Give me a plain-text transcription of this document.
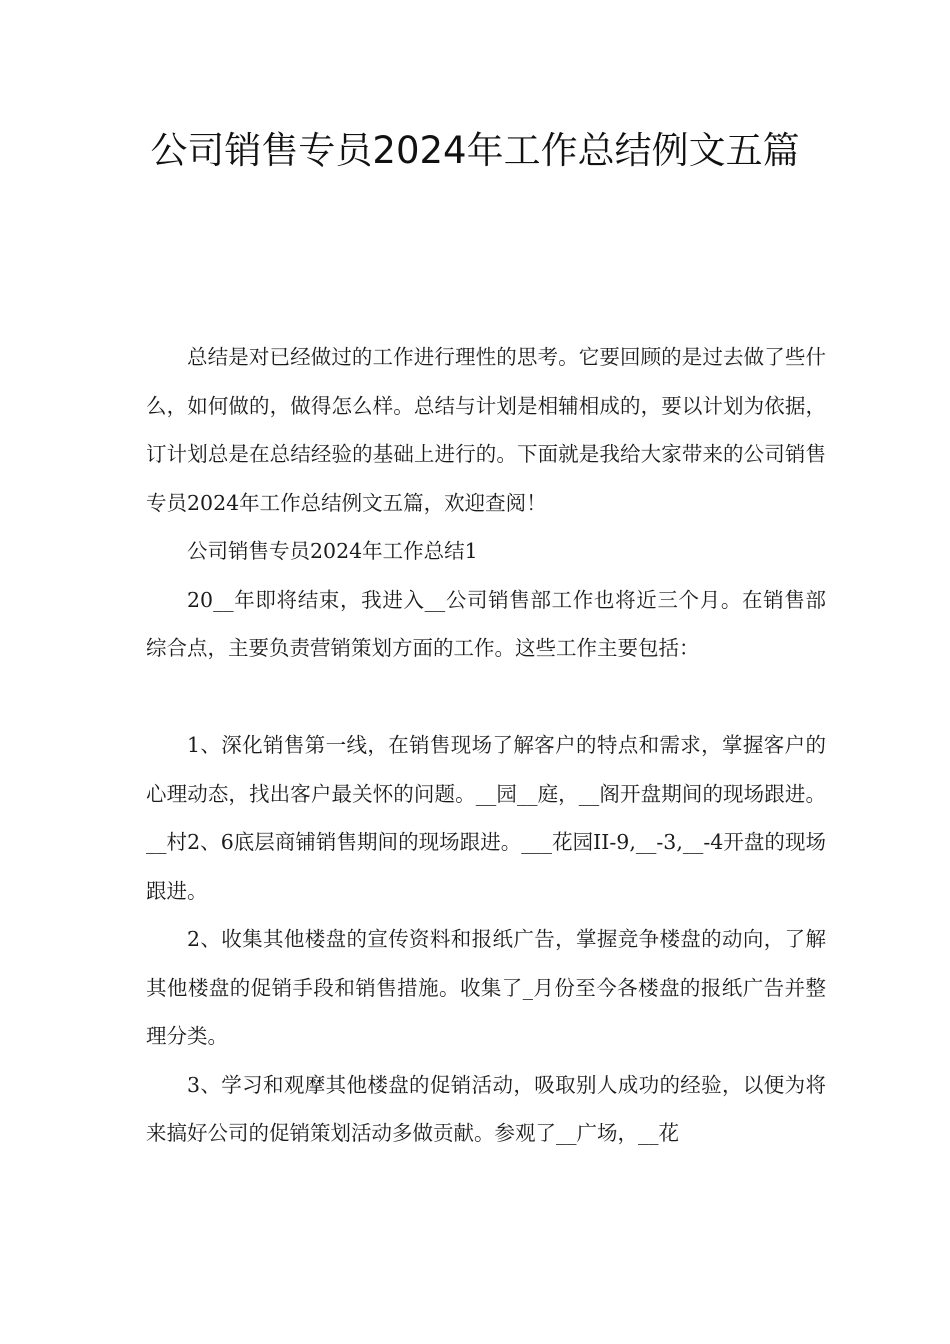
公司销售专员2024年工作总结例文五篇

总结是对已经做过的工作进行理性的思考。它要回顾的是过去做了些什么，如何做的，做得怎么样。总结与计划是相辅相成的，要以计划为依据，订计划总是在总结经验的基础上进行的。下面就是我给大家带来的公司销售专员2024年工作总结例文五篇，欢迎查阅！

公司销售专员2024年工作总结1

20__年即将结束，我进入__公司销售部工作也将近三个月。在销售部综合点，主要负责营销策划方面的工作。这些工作主要包括：

1、深化销售第一线，在销售现场了解客户的特点和需求，掌握客户的心理动态，找出客户最关怀的问题。__园__庭，__阁开盘期间的现场跟进。__村2、6底层商铺销售期间的现场跟进。___花园II-9,__-3,__-4开盘的现场跟进。

2、收集其他楼盘的宣传资料和报纸广告，掌握竞争楼盘的动向，了解其他楼盘的促销手段和销售措施。收集了_月份至今各楼盘的报纸广告并整理分类。

3、学习和观摩其他楼盘的促销活动，吸取别人成功的经验，以便为将来搞好公司的促销策划活动多做贡献。参观了__广场，__花
